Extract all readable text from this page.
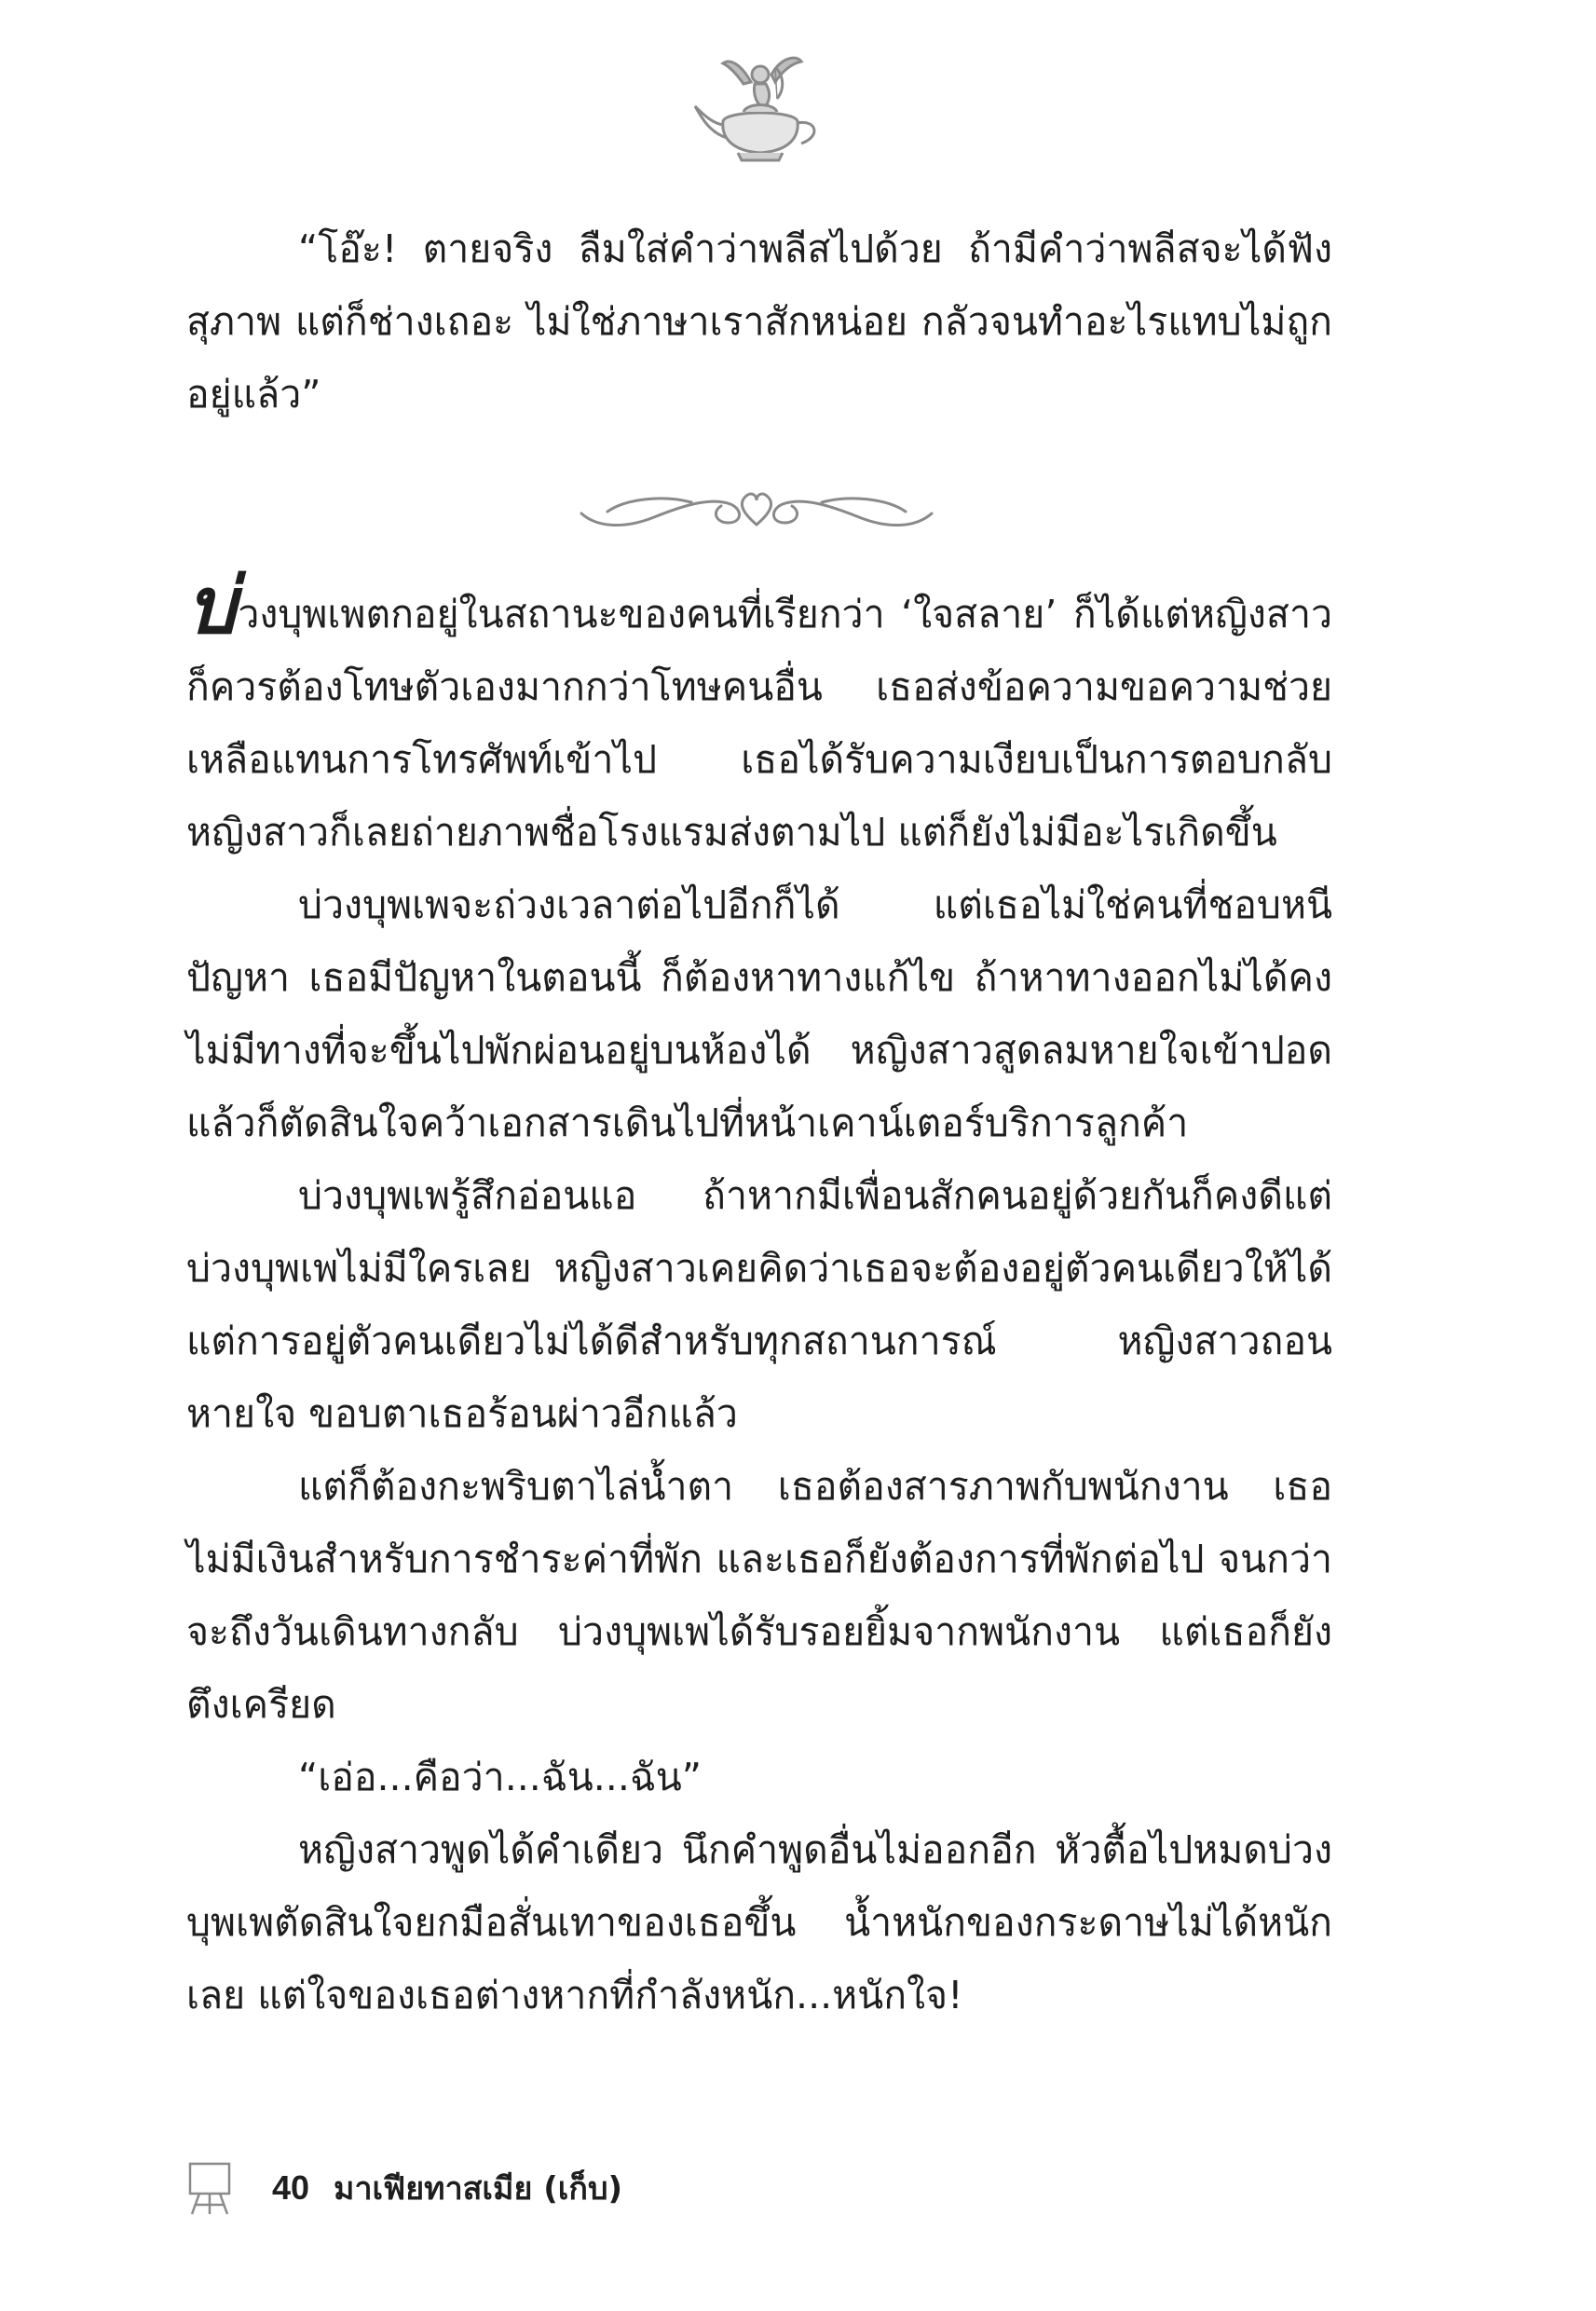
“โอ๊ะ! ตายจริง ลืมใส่คำว่าพลีสไปด้วย ถ้ามีคำว่าพลีสจะได้ฟังสุภาพ แต่ก็ช่างเถอะ ไม่ใช่ภาษาเราสักหน่อย กลัวจนทำอะไรแทบไม่ถูกอยู่แล้ว”

บ่วงบุพเพตกอยู่ในสถานะของคนที่เรียกว่า ‘ใจสลาย’ ก็ได้แต่หญิงสาวก็ควรต้องโทษตัวเองมากกว่าโทษคนอื่น เธอส่งข้อความขอความช่วยเหลือแทนการโทรศัพท์เข้าไป เธอได้รับความเงียบเป็นการตอบกลับ หญิงสาวก็เลยถ่ายภาพชื่อโรงแรมส่งตามไป แต่ก็ยังไม่มีอะไรเกิดขึ้น

บ่วงบุพเพจะถ่วงเวลาต่อไปอีกก็ได้ แต่เธอไม่ใช่คนที่ชอบหนีปัญหา เธอมีปัญหาในตอนนี้ ก็ต้องหาทางแก้ไข ถ้าหาทางออกไม่ได้คงไม่มีทางที่จะขึ้นไปพักผ่อนอยู่บนห้องได้ หญิงสาวสูดลมหายใจเข้าปอด แล้วก็ตัดสินใจคว้าเอกสารเดินไปที่หน้าเคาน์เตอร์บริการลูกค้า

บ่วงบุพเพรู้สึกอ่อนแอ ถ้าหากมีเพื่อนสักคนอยู่ด้วยกันก็คงดีแต่บ่วงบุพเพไม่มีใครเลย หญิงสาวเคยคิดว่าเธอจะต้องอยู่ตัวคนเดียวให้ได้ แต่การอยู่ตัวคนเดียวไม่ได้ดีสำหรับทุกสถานการณ์ หญิงสาวถอนหายใจ ขอบตาเธอร้อนผ่าวอีกแล้ว

แต่ก็ต้องกะพริบตาไล่น้ำตา เธอต้องสารภาพกับพนักงาน เธอไม่มีเงินสำหรับการชำระค่าที่พัก และเธอก็ยังต้องการที่พักต่อไป จนกว่าจะถึงวันเดินทางกลับ บ่วงบุพเพได้รับรอยยิ้มจากพนักงาน แต่เธอก็ยังตึงเครียด

“เอ่อ...คือว่า...ฉัน...ฉัน”

หญิงสาวพูดได้คำเดียว นึกคำพูดอื่นไม่ออกอีก หัวตื้อไปหมดบ่วงบุพเพตัดสินใจยกมือสั่นเทาของเธอขึ้น น้ำหนักของกระดาษไม่ได้หนักเลย แต่ใจของเธอต่างหากที่กำลังหนัก...หนักใจ!

40 มาเฟียทาสเมีย (เก็บ)
